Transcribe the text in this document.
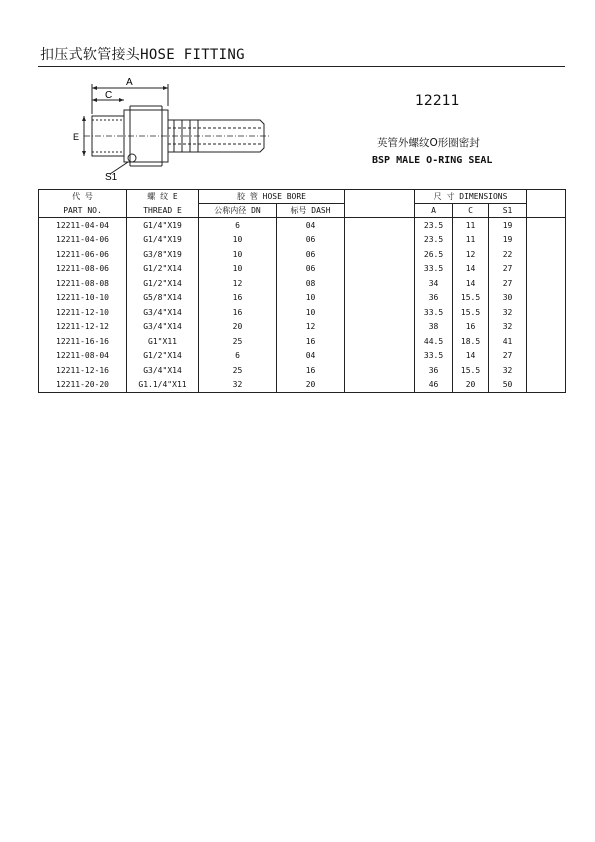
扣压式软管接头HOSE FITTING
A
C
E
S1
12211
英管外螺纹O形圈密封
BSP MALE O-RING SEAL
代 号	螺 纹 E	胶 管 HOSE BORE			尺 寸 DIMENSIONS			
PART NO.	THREAD E	公称内径 DN	标号 DASH		A	C	S1	
12211-04-04	G1/4"X19	6	04		23.5	11	19	
12211-04-06	G1/4"X19	10	06		23.5	11	19	
12211-06-06	G3/8"X19	10	06		26.5	12	22	
12211-08-06	G1/2"X14	10	06		33.5	14	27	
12211-08-08	G1/2"X14	12	08		34	14	27	
12211-10-10	G5/8"X14	16	10		36	15.5	30	
12211-12-10	G3/4"X14	16	10		33.5	15.5	32	
12211-12-12	G3/4"X14	20	12		38	16	32	
12211-16-16	G1"X11	25	16		44.5	18.5	41	
12211-08-04	G1/2"X14	6	04		33.5	14	27	
12211-12-16	G3/4"X14	25	16		36	15.5	32	
12211-20-20	G1.1/4"X11	32	20		46	20	50	
